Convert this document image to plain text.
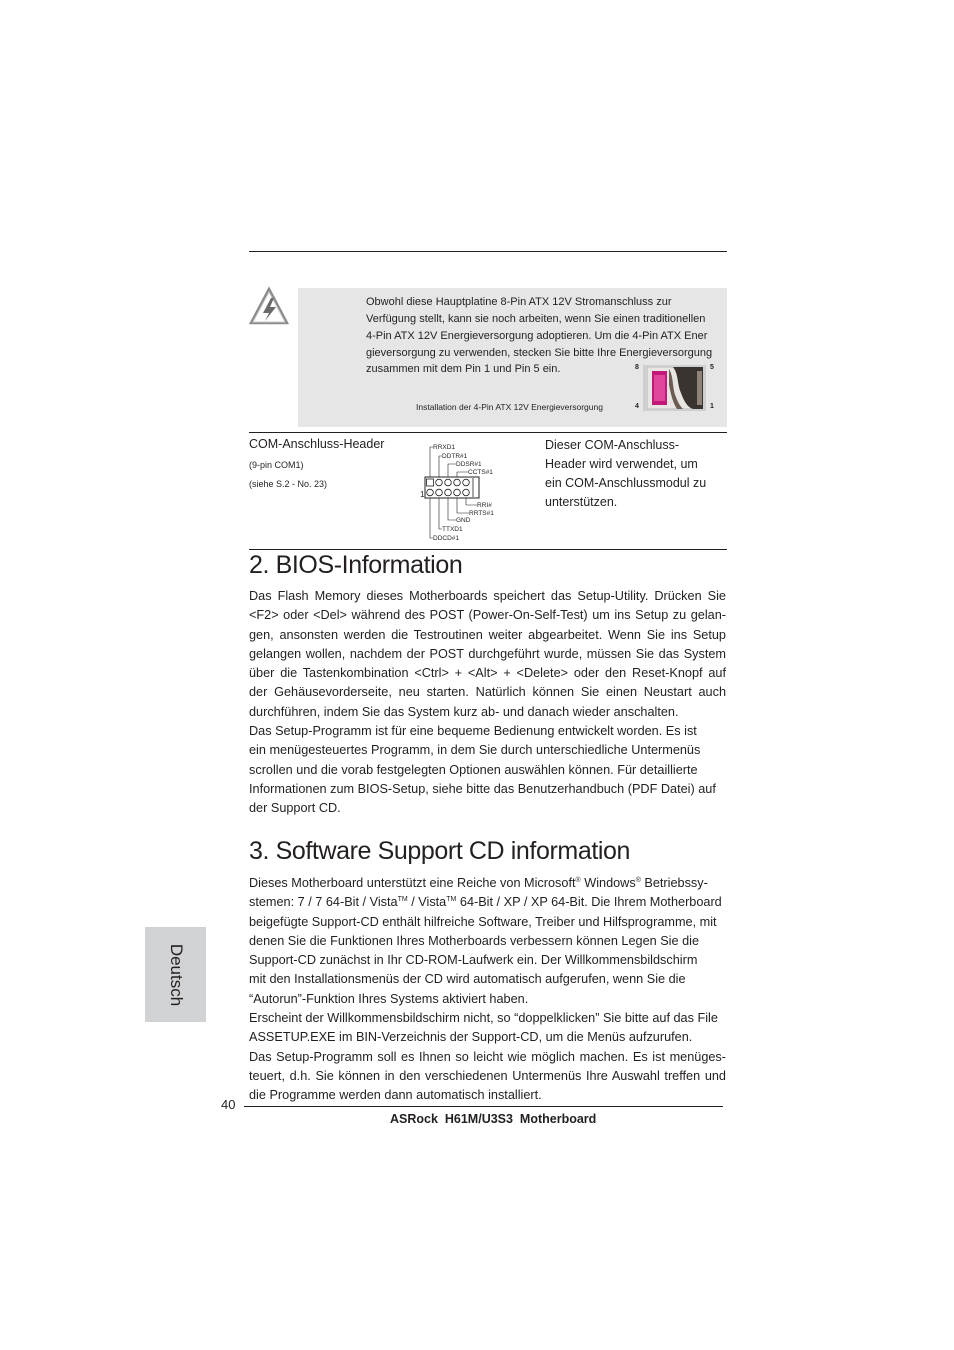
Obwohl diese Hauptplatine 8-Pin ATX 12V Stromanschluss zur
Verfügung stellt, kann sie noch arbeiten, wenn Sie einen traditionellen
4-Pin ATX 12V Energieversorgung adoptieren. Um die 4-Pin ATX Ener
gieversorgung zu verwenden, stecken Sie bitte Ihre Energieversorgung
zusammen mit dem Pin 1 und Pin 5 ein.
Installation der 4-Pin ATX 12V Energieversorgung
8	5
4	1
COM-Anschluss-Header
(9-pin COM1)
(siehe S.2 - No. 23)
1
RRXD1
DDTR#1
DDSR#1
CCTS#1
RRI#
RRTS#1
GND
TTXD1
DDCD#1
Dieser COM-Anschluss-
Header wird verwendet, um
ein COM-Anschlussmodul zu
unterstützen.
2. BIOS-Information
Das Flash Memory dieses Motherboards speichert das Setup-Utility. Drücken Sie
<F2> oder <Del> während des POST (Power-On-Self-Test) um ins Setup zu gelan-
gen, ansonsten werden die Testroutinen weiter abgearbeitet. Wenn Sie ins Setup
gelangen wollen, nachdem der POST durchgeführt wurde, müssen Sie das System
über die Tastenkombination <Ctrl> + <Alt> + <Delete> oder den Reset-Knopf auf
der Gehäusevorderseite, neu starten. Natürlich können Sie einen Neustart auch
durchführen, indem Sie das System kurz ab- und danach wieder anschalten.
Das Setup-Programm ist für eine bequeme Bedienung entwickelt worden. Es ist
ein menügesteuertes Programm, in dem Sie durch unterschiedliche Untermenüs
scrollen und die vorab festgelegten Optionen auswählen können. Für detaillierte
Informationen zum BIOS-Setup, siehe bitte das Benutzerhandbuch (PDF Datei) auf
der Support CD.
3. Software Support CD information
Dieses Motherboard unterstützt eine Reiche von Microsoft® Windows® Betriebssy-
stemen: 7 / 7 64-Bit / Vista™ / Vista™ 64-Bit / XP / XP 64-Bit. Die Ihrem Motherboard
beigefügte Support-CD enthält hilfreiche Software, Treiber und Hilfsprogramme, mit
denen Sie die Funktionen Ihres Motherboards verbessern können Legen Sie die
Support-CD zunächst in Ihr CD-ROM-Laufwerk ein. Der Willkommensbildschirm
mit den Installationsmenüs der CD wird automatisch aufgerufen, wenn Sie die
“Autorun”-Funktion Ihres Systems aktiviert haben.
Erscheint der Willkommensbildschirm nicht, so “doppelklicken” Sie bitte auf das File
ASSETUP.EXE im BIN-Verzeichnis der Support-CD, um die Menüs aufzurufen.
Das Setup-Programm soll es Ihnen so leicht wie möglich machen. Es ist menüges-
teuert, d.h. Sie können in den verschiedenen Untermenüs Ihre Auswahl treffen und
die Programme werden dann automatisch installiert.
Deutsch
40
ASRock  H61M/U3S3  Motherboard
